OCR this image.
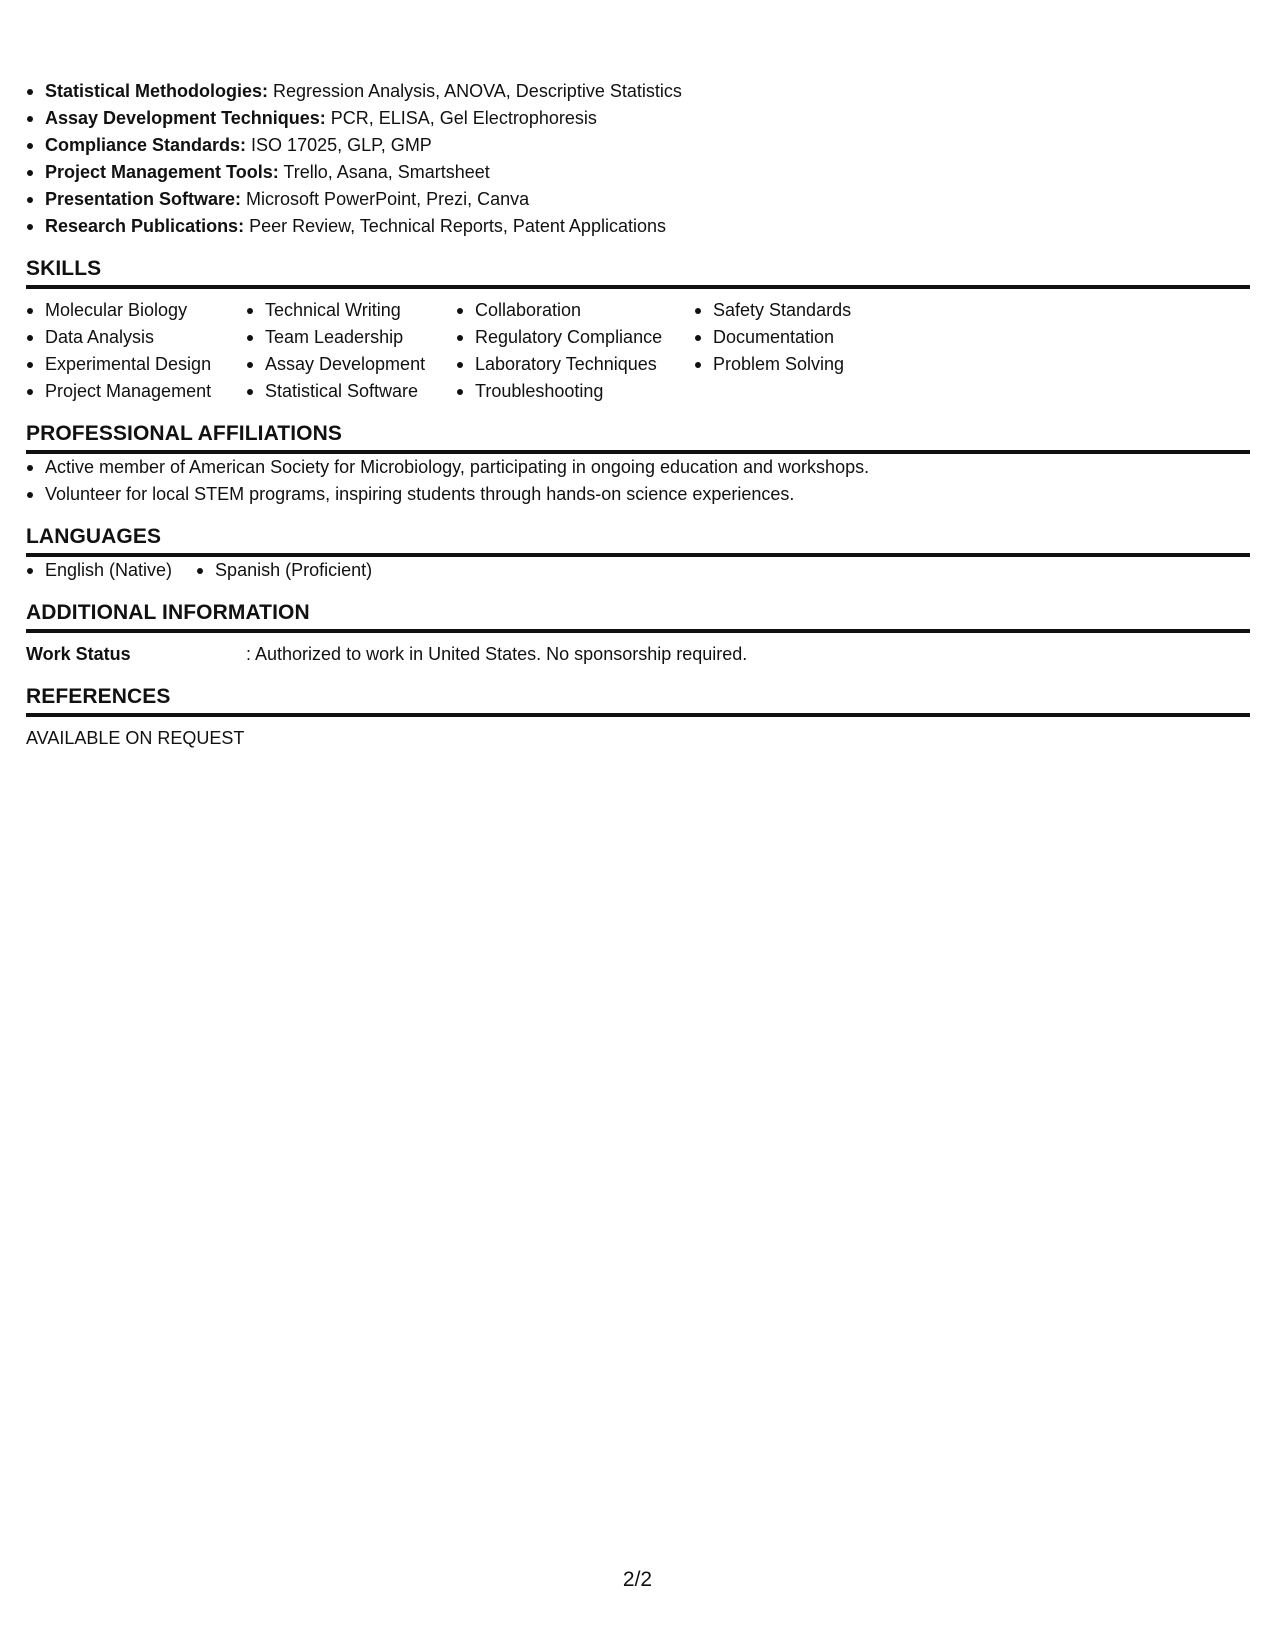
Statistical Methodologies: Regression Analysis, ANOVA, Descriptive Statistics
Assay Development Techniques: PCR, ELISA, Gel Electrophoresis
Compliance Standards: ISO 17025, GLP, GMP
Project Management Tools: Trello, Asana, Smartsheet
Presentation Software: Microsoft PowerPoint, Prezi, Canva
Research Publications: Peer Review, Technical Reports, Patent Applications
SKILLS
Molecular Biology
Data Analysis
Experimental Design
Project Management
Technical Writing
Team Leadership
Assay Development
Statistical Software
Collaboration
Regulatory Compliance
Laboratory Techniques
Troubleshooting
Safety Standards
Documentation
Problem Solving
PROFESSIONAL AFFILIATIONS
Active member of American Society for Microbiology, participating in ongoing education and workshops.
Volunteer for local STEM programs, inspiring students through hands-on science experiences.
LANGUAGES
English (Native)	Spanish (Proficient)
ADDITIONAL INFORMATION
Work Status	: Authorized to work in United States. No sponsorship required.
REFERENCES
AVAILABLE ON REQUEST
2/2
